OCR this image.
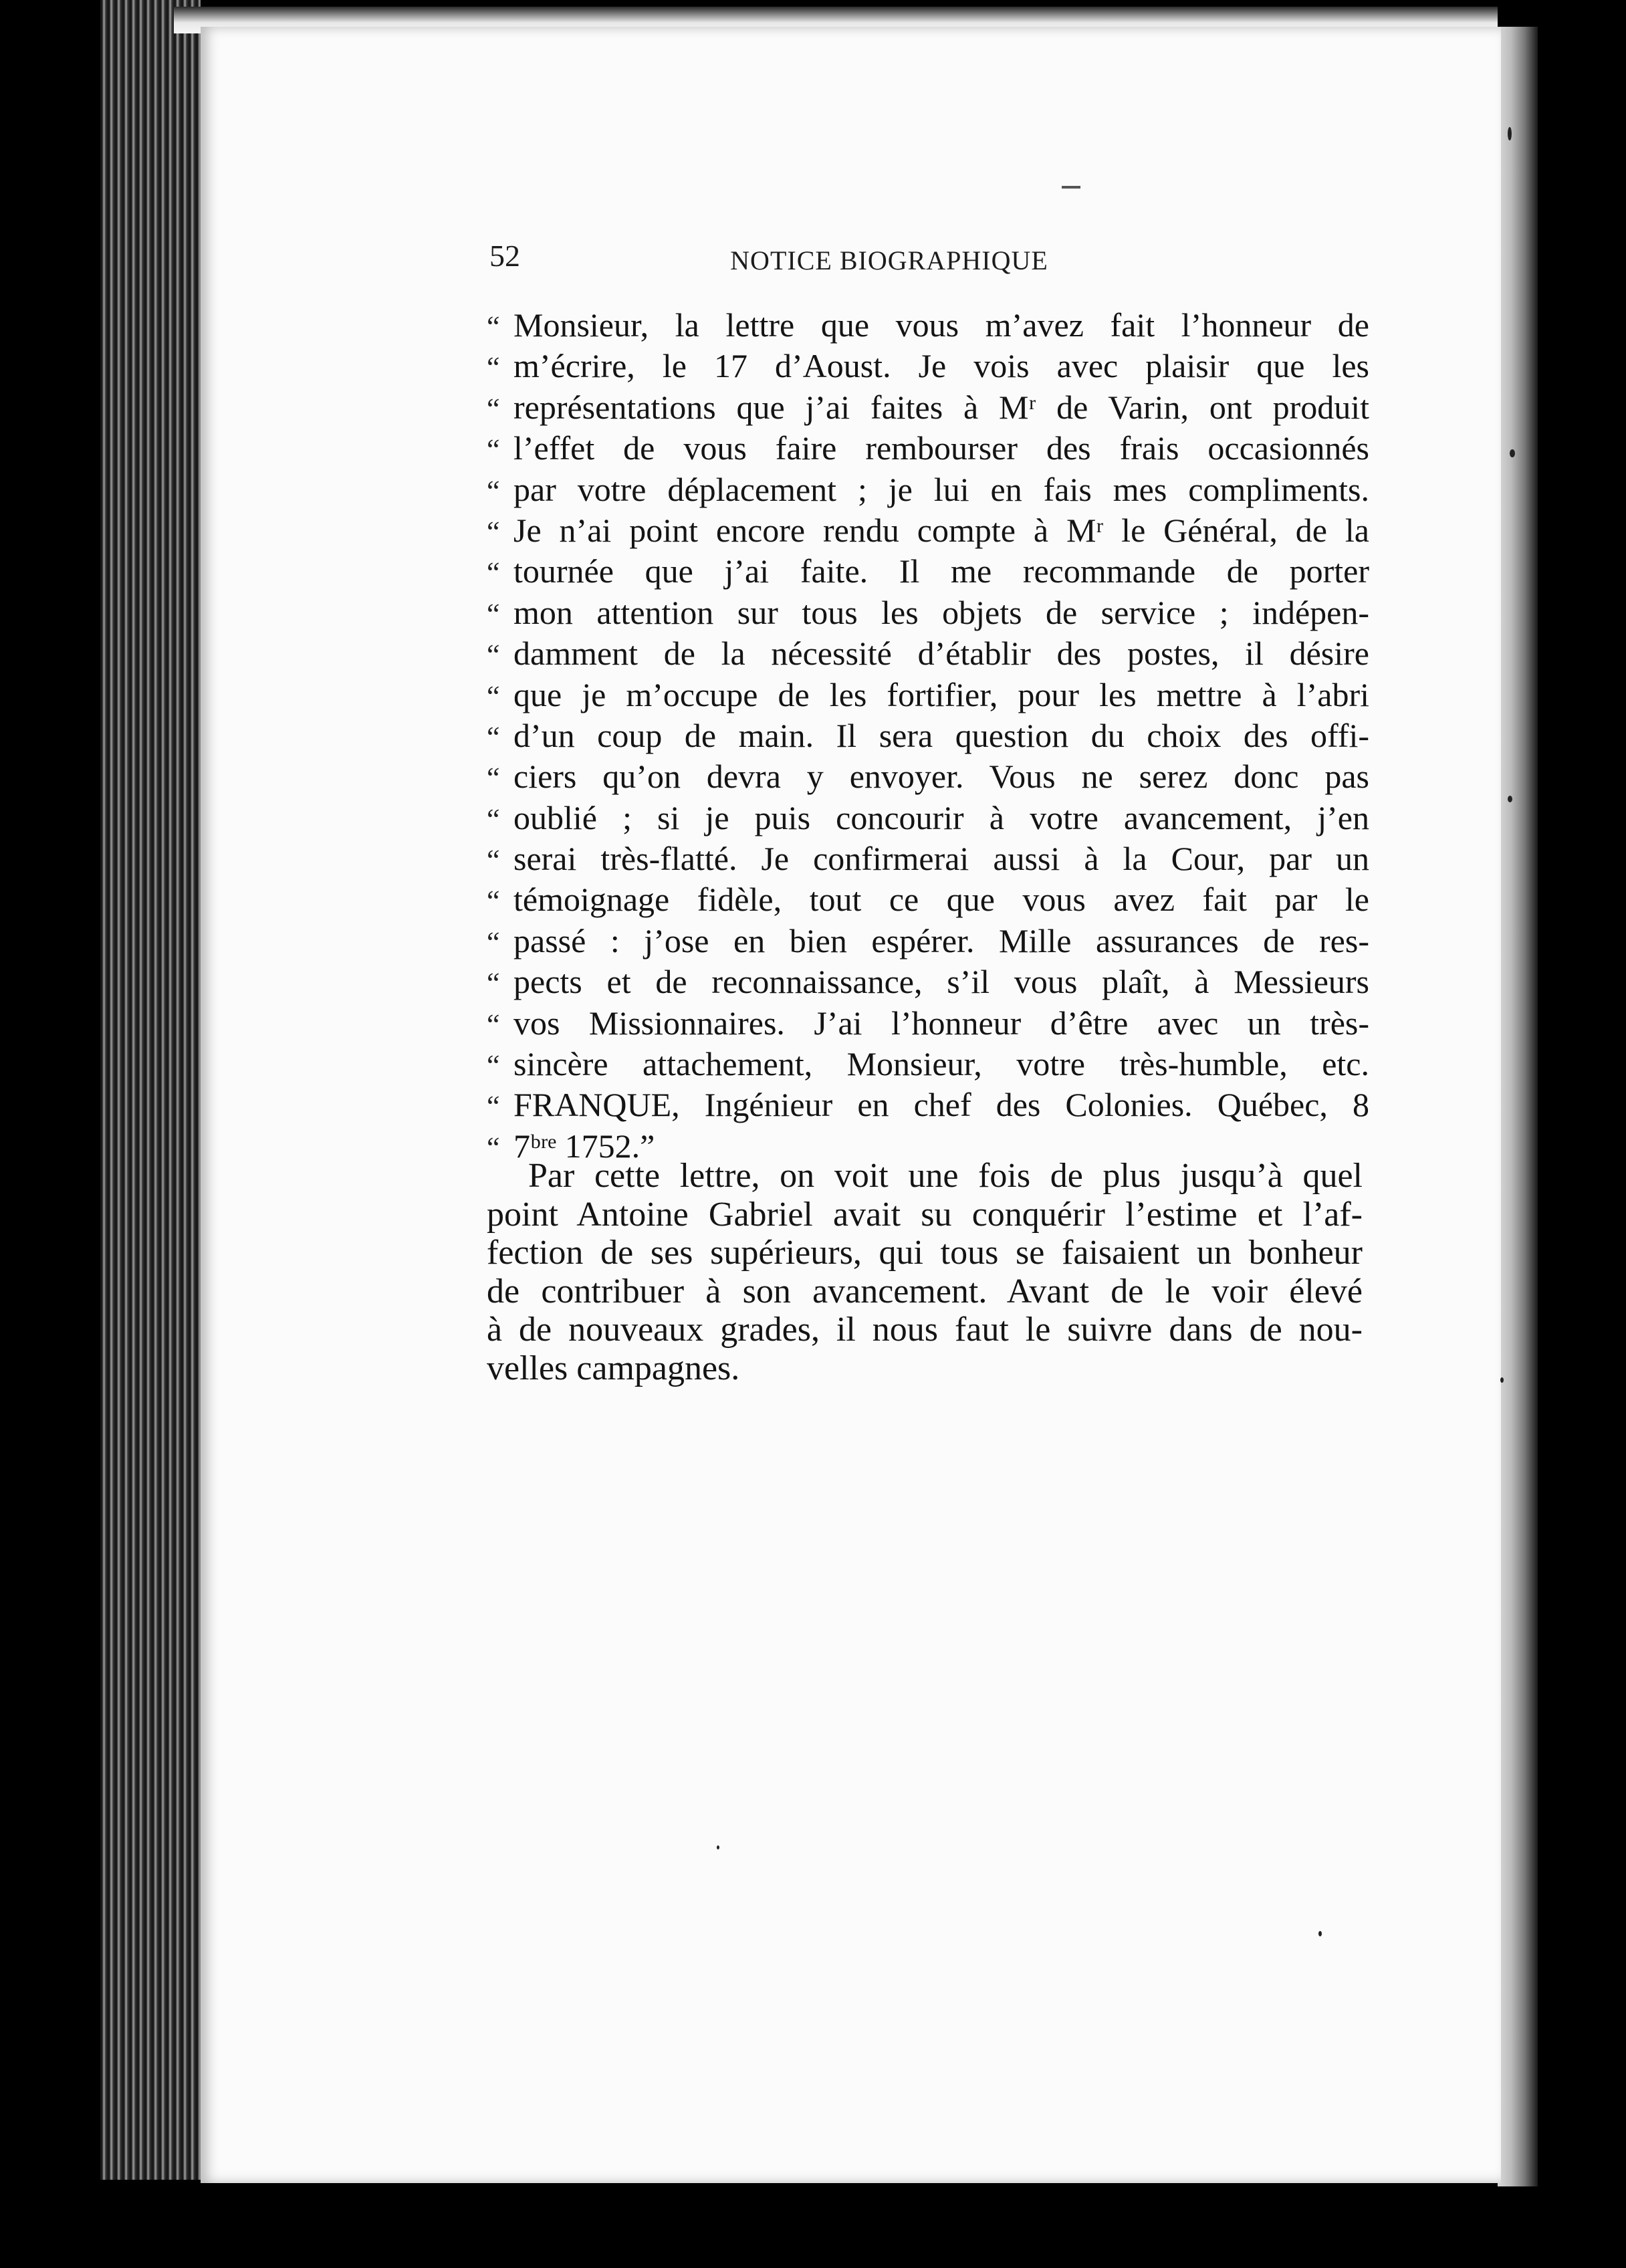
52	NOTICE BIOGRAPHIQUE
“ Monsieur, la lettre que vous m’avez fait l’honneur de
“ m’écrire, le 17 d’Aoust. Je vois avec plaisir que les
“ représentations que j’ai faites à Mʳ de Varin, ont produit
“ l’effet de vous faire rembourser des frais occasionnés
“ par votre déplacement ; je lui en fais mes compliments.
“ Je n’ai point encore rendu compte à Mʳ le Général, de la
“ tournée que j’ai faite. Il me recommande de porter
“ mon attention sur tous les objets de service ; indépen-
“ damment de la nécessité d’établir des postes, il désire
“ que je m’occupe de les fortifier, pour les mettre à l’abri
“ d’un coup de main. Il sera question du choix des offi-
“ ciers qu’on devra y envoyer. Vous ne serez donc pas
“ oublié ; si je puis concourir à votre avancement, j’en
“ serai très-flatté. Je confirmerai aussi à la Cour, par un
“ témoignage fidèle, tout ce que vous avez fait par le
“ passé : j’ose en bien espérer. Mille assurances de res-
“ pects et de reconnaissance, s’il vous plaît, à Messieurs
“ vos Missionnaires. J’ai l’honneur d’être avec un très-
“ sincère attachement, Monsieur, votre très-humble, etc.
“ FRANQUE, Ingénieur en chef des Colonies. Québec, 8
“ 7ᵇʳᵉ 1752.”
Par cette lettre, on voit une fois de plus jusqu’à quel
point Antoine Gabriel avait su conquérir l’estime et l’af-
fection de ses supérieurs, qui tous se faisaient un bonheur
de contribuer à son avancement. Avant de le voir élevé
à de nouveaux grades, il nous faut le suivre dans de nou-
velles campagnes.
